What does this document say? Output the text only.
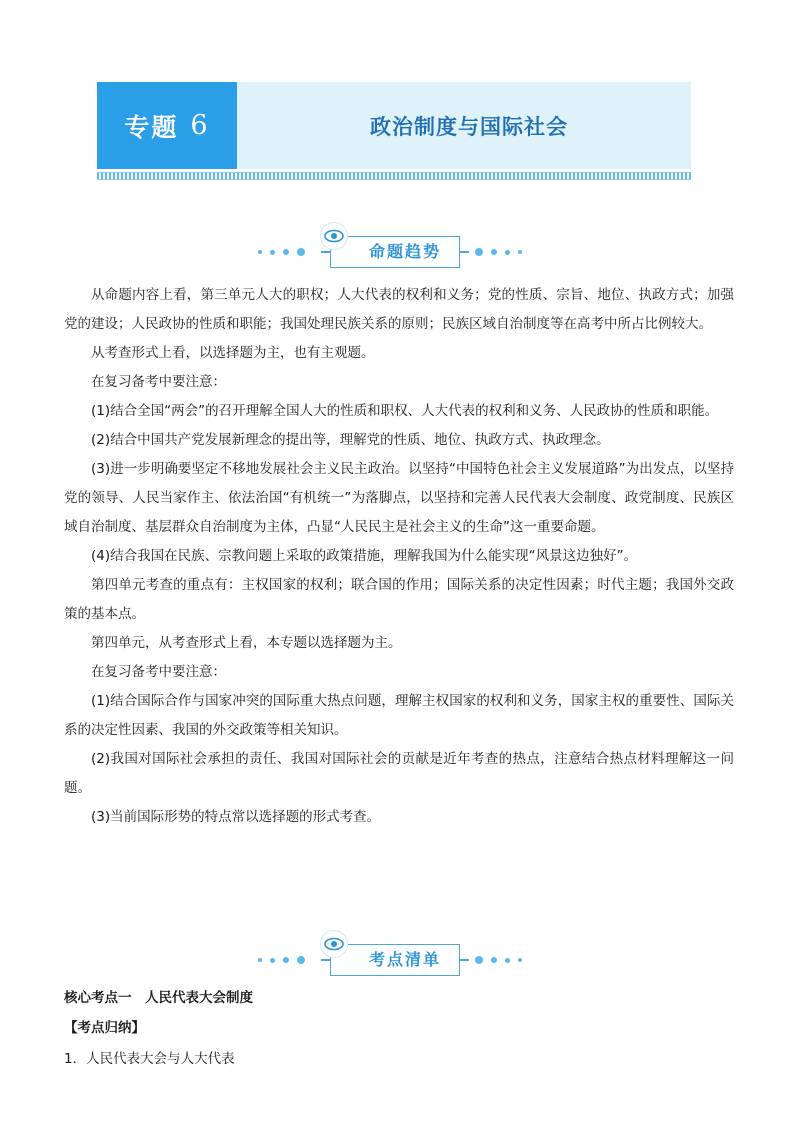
专题 6	政治制度与国际社会
命题趋势

从命题内容上看，第三单元人大的职权；人大代表的权利和义务；党的性质、宗旨、地位、执政方式；加强党的建设；人民政协的性质和职能；我国处理民族关系的原则；民族区域自治制度等在高考中所占比例较大。

从考查形式上看，以选择题为主，也有主观题。

在复习备考中要注意：

(1)结合全国“两会”的召开理解全国人大的性质和职权、人大代表的权利和义务、人民政协的性质和职能。

(2)结合中国共产党发展新理念的提出等，理解党的性质、地位、执政方式、执政理念。

(3)进一步明确要坚定不移地发展社会主义民主政治。以坚持“中国特色社会主义发展道路”为出发点，以坚持党的领导、人民当家作主、依法治国“有机统一”为落脚点，以坚持和完善人民代表大会制度、政党制度、民族区域自治制度、基层群众自治制度为主体，凸显“人民民主是社会主义的生命”这一重要命题。

(4)结合我国在民族、宗教问题上采取的政策措施，理解我国为什么能实现“风景这边独好”。

第四单元考查的重点有：主权国家的权利；联合国的作用；国际关系的决定性因素；时代主题；我国外交政策的基本点。

第四单元，从考查形式上看，本专题以选择题为主。

在复习备考中要注意：

(1)结合国际合作与国家冲突的国际重大热点问题，理解主权国家的权利和义务，国家主权的重要性、国际关系的决定性因素、我国的外交政策等相关知识。

(2)我国对国际社会承担的责任、我国对国际社会的贡献是近年考查的热点，注意结合热点材料理解这一问题。

(3)当前国际形势的特点常以选择题的形式考查。

考点清单
核心考点一　人民代表大会制度
【考点归纳】
1．人民代表大会与人大代表
